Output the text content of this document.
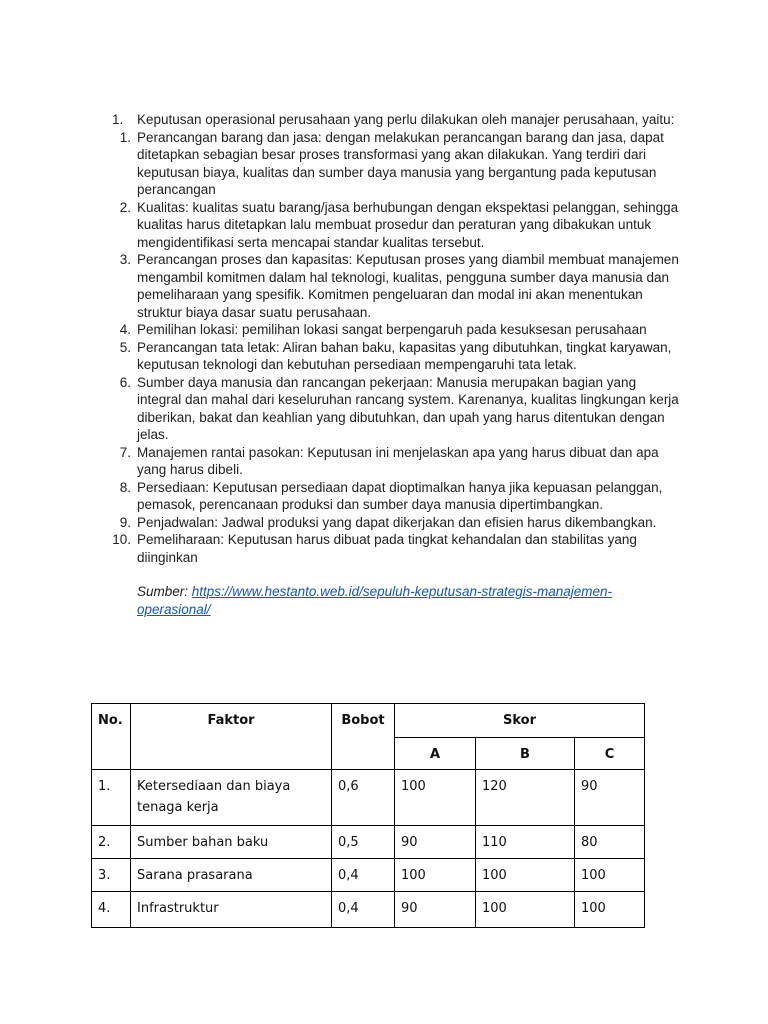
1. Keputusan operasional perusahaan yang perlu dilakukan oleh manajer perusahaan, yaitu:
1. Perancangan barang dan jasa: dengan melakukan perancangan barang dan jasa, dapat ditetapkan sebagian besar proses transformasi yang akan dilakukan. Yang terdiri dari keputusan biaya, kualitas dan sumber daya manusia yang bergantung pada keputusan perancangan
2. Kualitas: kualitas suatu barang/jasa berhubungan dengan ekspektasi pelanggan, sehingga kualitas harus ditetapkan lalu membuat prosedur dan peraturan yang dibakukan untuk mengidentifikasi serta mencapai standar kualitas tersebut.
3. Perancangan proses dan kapasitas: Keputusan proses yang diambil membuat manajemen mengambil komitmen dalam hal teknologi, kualitas, pengguna sumber daya manusia dan pemeliharaan yang spesifik. Komitmen pengeluaran dan modal ini akan menentukan struktur biaya dasar suatu perusahaan.
4. Pemilihan lokasi: pemilihan lokasi sangat berpengaruh pada kesuksesan perusahaan
5. Perancangan tata letak: Aliran bahan baku, kapasitas yang dibutuhkan, tingkat karyawan, keputusan teknologi dan kebutuhan persediaan mempengaruhi tata letak.
6. Sumber daya manusia dan rancangan pekerjaan: Manusia merupakan bagian yang integral dan mahal dari keseluruhan rancang system. Karenanya, kualitas lingkungan kerja diberikan, bakat dan keahlian yang dibutuhkan, dan upah yang harus ditentukan dengan jelas.
7. Manajemen rantai pasokan: Keputusan ini menjelaskan apa yang harus dibuat dan apa yang harus dibeli.
8. Persediaan: Keputusan persediaan dapat dioptimalkan hanya jika kepuasan pelanggan, pemasok, perencanaan produksi dan sumber daya manusia dipertimbangkan.
9. Penjadwalan: Jadwal produksi yang dapat dikerjakan dan efisien harus dikembangkan.
10. Pemeliharaan: Keputusan harus dibuat pada tingkat kehandalan dan stabilitas yang diinginkan
Sumber: https://www.hestanto.web.id/sepuluh-keputusan-strategis-manajemen-operasional/
No.	Faktor	Bobot	Skor		

			A	B	C

1.	Ketersediaan dan biaya tenaga kerja	0,6	100	120	90

2.	Sumber bahan baku	0,5	90	110	80

3.	Sarana prasarana	0,4	100	100	100

4.	Infrastruktur	0,4	90	100	100
